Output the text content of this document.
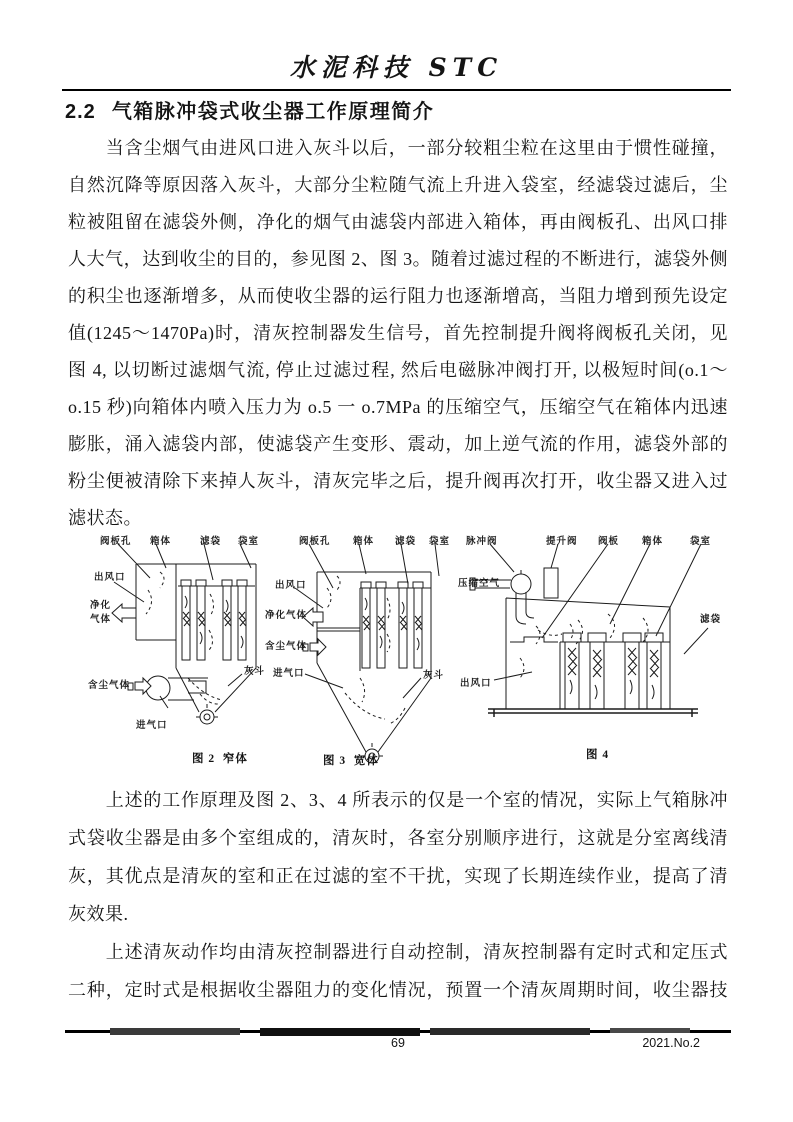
水泥科技 STC
2.2 气箱脉冲袋式收尘器工作原理简介
当含尘烟气由进风口进入灰斗以后，一部分较粗尘粒在这里由于惯性碰撞，
自然沉降等原因落入灰斗，大部分尘粒随气流上升进入袋室，经滤袋过滤后，尘
粒被阻留在滤袋外侧，净化的烟气由滤袋内部进入箱体，再由阀板孔、出风口排
人大气，达到收尘的目的，参见图 2、图 3。随着过滤过程的不断进行，滤袋外侧
的积尘也逐渐增多，从而使收尘器的运行阻力也逐渐增高，当阻力增到预先设定
值(1245～1470Pa)时，清灰控制器发生信号，首先控制提升阀将阀板孔关闭，见
图 4, 以切断过滤烟气流, 停止过滤过程, 然后电磁脉冲阀打开, 以极短时间(o.1～
o.15 秒)向箱体内喷入压力为 o.5 一 o.7MPa 的压缩空气，压缩空气在箱体内迅速
膨胀，涌入滤袋内部，使滤袋产生变形、震动，加上逆气流的作用，滤袋外部的
粉尘便被清除下来掉人灰斗，清灰完毕之后，提升阀再次打开，收尘器又进入过
滤状态。
阀板孔 箱体	滤袋 袋室
出风口
净化
气体
含尘气体
进气口
灰斗
图 2  窄体
阀板孔 箱体 滤袋 袋室
出风口
净化气体
含尘气体
进气口	灰斗
图 3  宽体
脉冲阀	提升阀 阀板 箱体	袋室
压缩空气
滤袋
出风口
图 4
上述的工作原理及图 2、3、4 所表示的仅是一个室的情况，实际上气箱脉冲
式袋收尘器是由多个室组成的，清灰时，各室分别顺序进行，这就是分室离线清
灰，其优点是清灰的室和正在过滤的室不干扰，实现了长期连续作业，提高了清
灰效果.
上述清灰动作均由清灰控制器进行自动控制，清灰控制器有定时式和定压式
二种，定时式是根据收尘器阻力的变化情况，预置一个清灰周期时间，收尘器技
69	2021.No.2
